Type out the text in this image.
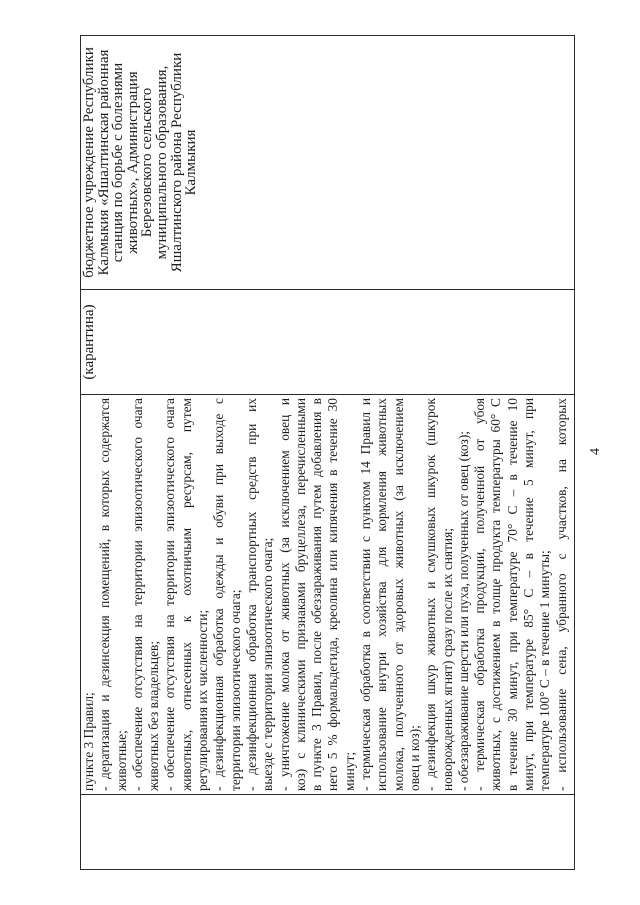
пункте 3 Правил; - дератизация и дезинсекция помещений, в которых содержатся животные; - обеспечение отсутствия на территории эпизоотического очага животных без владельцев; - обеспечение отсутствия на территории эпизоотического очага животных, отнесенных к охотничьим ресурсам, путем регулирования их численности; - дезинфекционная обработка одежды и обуви при выходе с территории эпизоотического очага; - дезинфекционная обработка транспортных средств при их выезде с территории эпизоотического очага; - уничтожение молока от животных (за исключением овец и коз) с клиническими признаками бруцеллеза, перечисленными в пункте 3 Правил, после обеззараживания путем добавления в него 5 % формальдегида, креолина или кипячения в течение 30 минут; - термическая обработка в соответствии с пунктом 14 Правил и использование внутри хозяйства для кормления животных молока, полученного от здоровых животных (за исключением овец и коз); - дезинфекция шкур животных и смушковых шкурок (шкурок новорожденных ягнят) сразу после их снятия; - обеззараживание шерсти или пуха, полученных от овец (коз); - термическая обработка продукции, полученной от убоя животных, с достижением в толще продукта температуры 60° С в течение 30 минут, при температуре 70° С – в течение 10 минут, при температуре 85° С – в течение 5 минут, при температуре 100° С – в течение 1 минуты; - использование сена, убранного с участков, на которых
(карантина)
бюджетное учреждение Республики
Калмыкия «Яшалтинская районная
станция по борьбе с болезнями
животных», Администрация
Березовского сельского
муниципального образования,
Яшалтинского района Республики
Калмыкия
4
